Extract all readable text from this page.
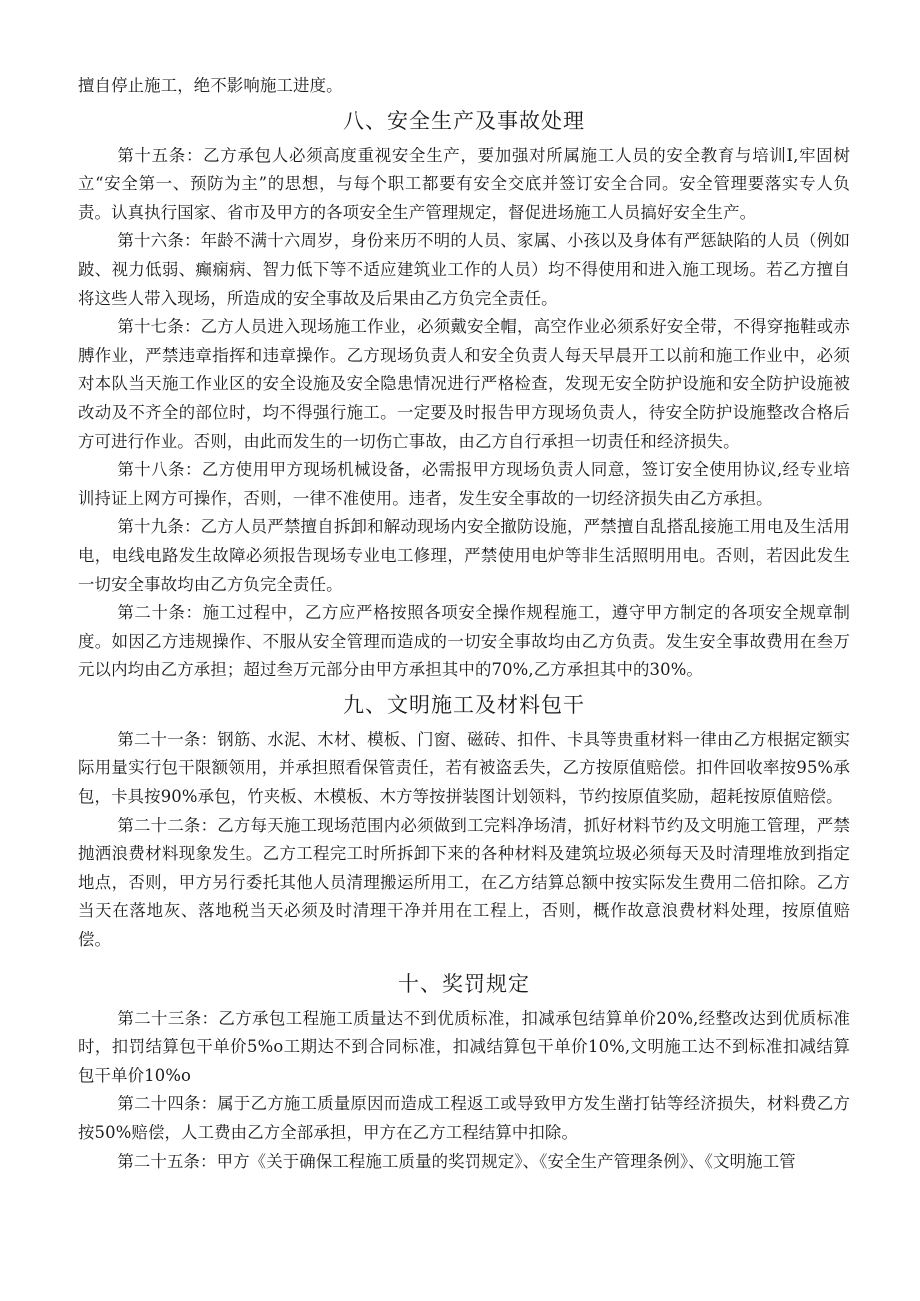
擅自停止施工，绝不影响施工进度。

八、安全生产及事故处理

第十五条：乙方承包人必须高度重视安全生产，要加强对所属施工人员的安全教育与培训I,牢固树立“安全第一、预防为主”的思想，与每个职工都要有安全交底并签订安全合同。安全管理要落实专人负责。认真执行国家、省市及甲方的各项安全生产管理规定，督促进场施工人员搞好安全生产。

第十六条：年龄不满十六周岁，身份来历不明的人员、家属、小孩以及身体有严惩缺陷的人员（例如跛、视力低弱、癫痫病、智力低下等不适应建筑业工作的人员）均不得使用和进入施工现场。若乙方擅自将这些人带入现场，所造成的安全事故及后果由乙方负完全责任。

第十七条：乙方人员进入现场施工作业，必须戴安全帽，高空作业必须系好安全带，不得穿拖鞋或赤膊作业，严禁违章指挥和违章操作。乙方现场负责人和安全负责人每天早晨开工以前和施工作业中，必须对本队当天施工作业区的安全设施及安全隐患情况进行严格检查，发现无安全防护设施和安全防护设施被改动及不齐全的部位时，均不得强行施工。一定要及时报告甲方现场负责人，待安全防护设施整改合格后方可进行作业。否则，由此而发生的一切伤亡事故，由乙方自行承担一切责任和经济损失。

第十八条：乙方使用甲方现场机械设备，必需报甲方现场负责人同意，签订安全使用协议,经专业培训持证上网方可操作，否则，一律不准使用。违者，发生安全事故的一切经济损失由乙方承担。

第十九条：乙方人员严禁擅自拆卸和解动现场内安全撤防设施，严禁擅自乱搭乱接施工用电及生活用电，电线电路发生故障必须报告现场专业电工修理，严禁使用电炉等非生活照明用电。否则，若因此发生一切安全事故均由乙方负完全责任。

第二十条：施工过程中，乙方应严格按照各项安全操作规程施工，遵守甲方制定的各项安全规章制度。如因乙方违规操作、不服从安全管理而造成的一切安全事故均由乙方负责。发生安全事故费用在叁万元以内均由乙方承担；超过叁万元部分由甲方承担其中的70%,乙方承担其中的30%。

九、文明施工及材料包干

第二十一条：钢筋、水泥、木材、模板、门窗、磁砖、扣件、卡具等贵重材料一律由乙方根据定额实际用量实行包干限额领用，并承担照看保管责任，若有被盗丢失，乙方按原值赔偿。扣件回收率按95%承包，卡具按90%承包，竹夹板、木模板、木方等按拼装图计划领料，节约按原值奖励，超耗按原值赔偿。

第二十二条：乙方每天施工现场范围内必须做到工完料净场清，抓好材料节约及文明施工管理，严禁抛洒浪费材料现象发生。乙方工程完工时所拆卸下来的各种材料及建筑垃圾必须每天及时清理堆放到指定地点，否则，甲方另行委托其他人员清理搬运所用工，在乙方结算总额中按实际发生费用二倍扣除。乙方当天在落地灰、落地税当天必须及时清理干净并用在工程上，否则，概作故意浪费材料处理，按原值赔偿。

十、奖罚规定

第二十三条：乙方承包工程施工质量达不到优质标准，扣减承包结算单价20%,经整改达到优质标准时，扣罚结算包干单价5%o工期达不到合同标准，扣减结算包干单价10%,文明施工达不到标准扣减结算包干单价10%o

第二十四条：属于乙方施工质量原因而造成工程返工或导致甲方发生凿打钻等经济损失，材料费乙方按50%赔偿，人工费由乙方全部承担，甲方在乙方工程结算中扣除。

第二十五条：甲方《关于确保工程施工质量的奖罚规定》、《安全生产管理条例》、《文明施工管
